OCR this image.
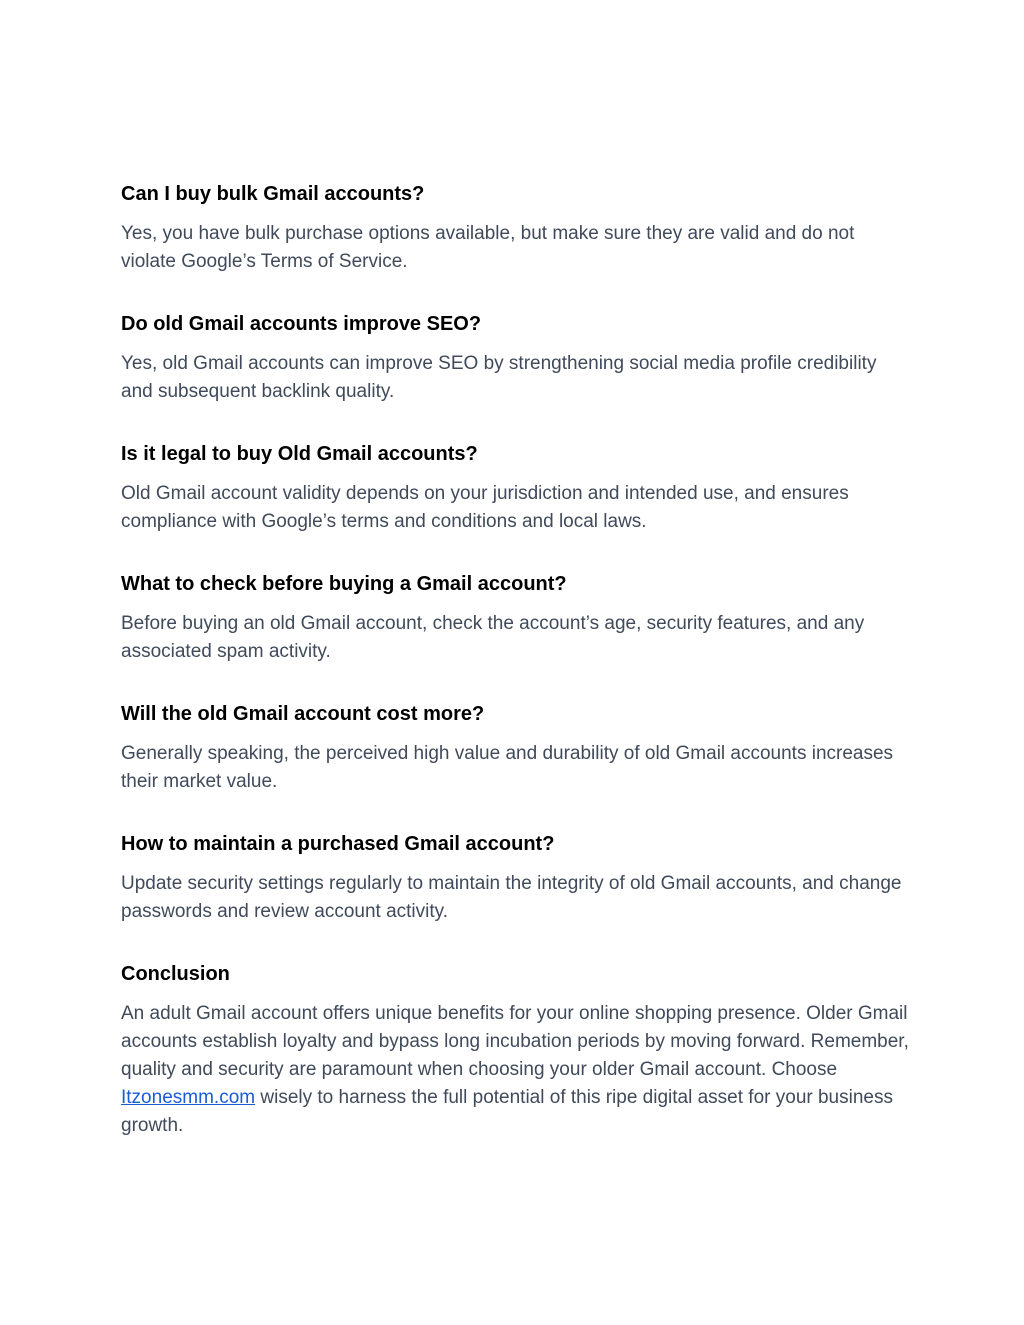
Can I buy bulk Gmail accounts?

Yes, you have bulk purchase options available, but make sure they are valid and do not violate Google’s Terms of Service.

Do old Gmail accounts improve SEO?

Yes, old Gmail accounts can improve SEO by strengthening social media profile credibility and subsequent backlink quality.

Is it legal to buy Old Gmail accounts?

Old Gmail account validity depends on your jurisdiction and intended use, and ensures compliance with Google’s terms and conditions and local laws.

What to check before buying a Gmail account?

Before buying an old Gmail account, check the account’s age, security features, and any associated spam activity.

Will the old Gmail account cost more?

Generally speaking, the perceived high value and durability of old Gmail accounts increases their market value.

How to maintain a purchased Gmail account?

Update security settings regularly to maintain the integrity of old Gmail accounts, and change passwords and review account activity.

Conclusion

An adult Gmail account offers unique benefits for your online shopping presence. Older Gmail accounts establish loyalty and bypass long incubation periods by moving forward. Remember, quality and security are paramount when choosing your older Gmail account. Choose Itzonesmm.com wisely to harness the full potential of this ripe digital asset for your business growth.
